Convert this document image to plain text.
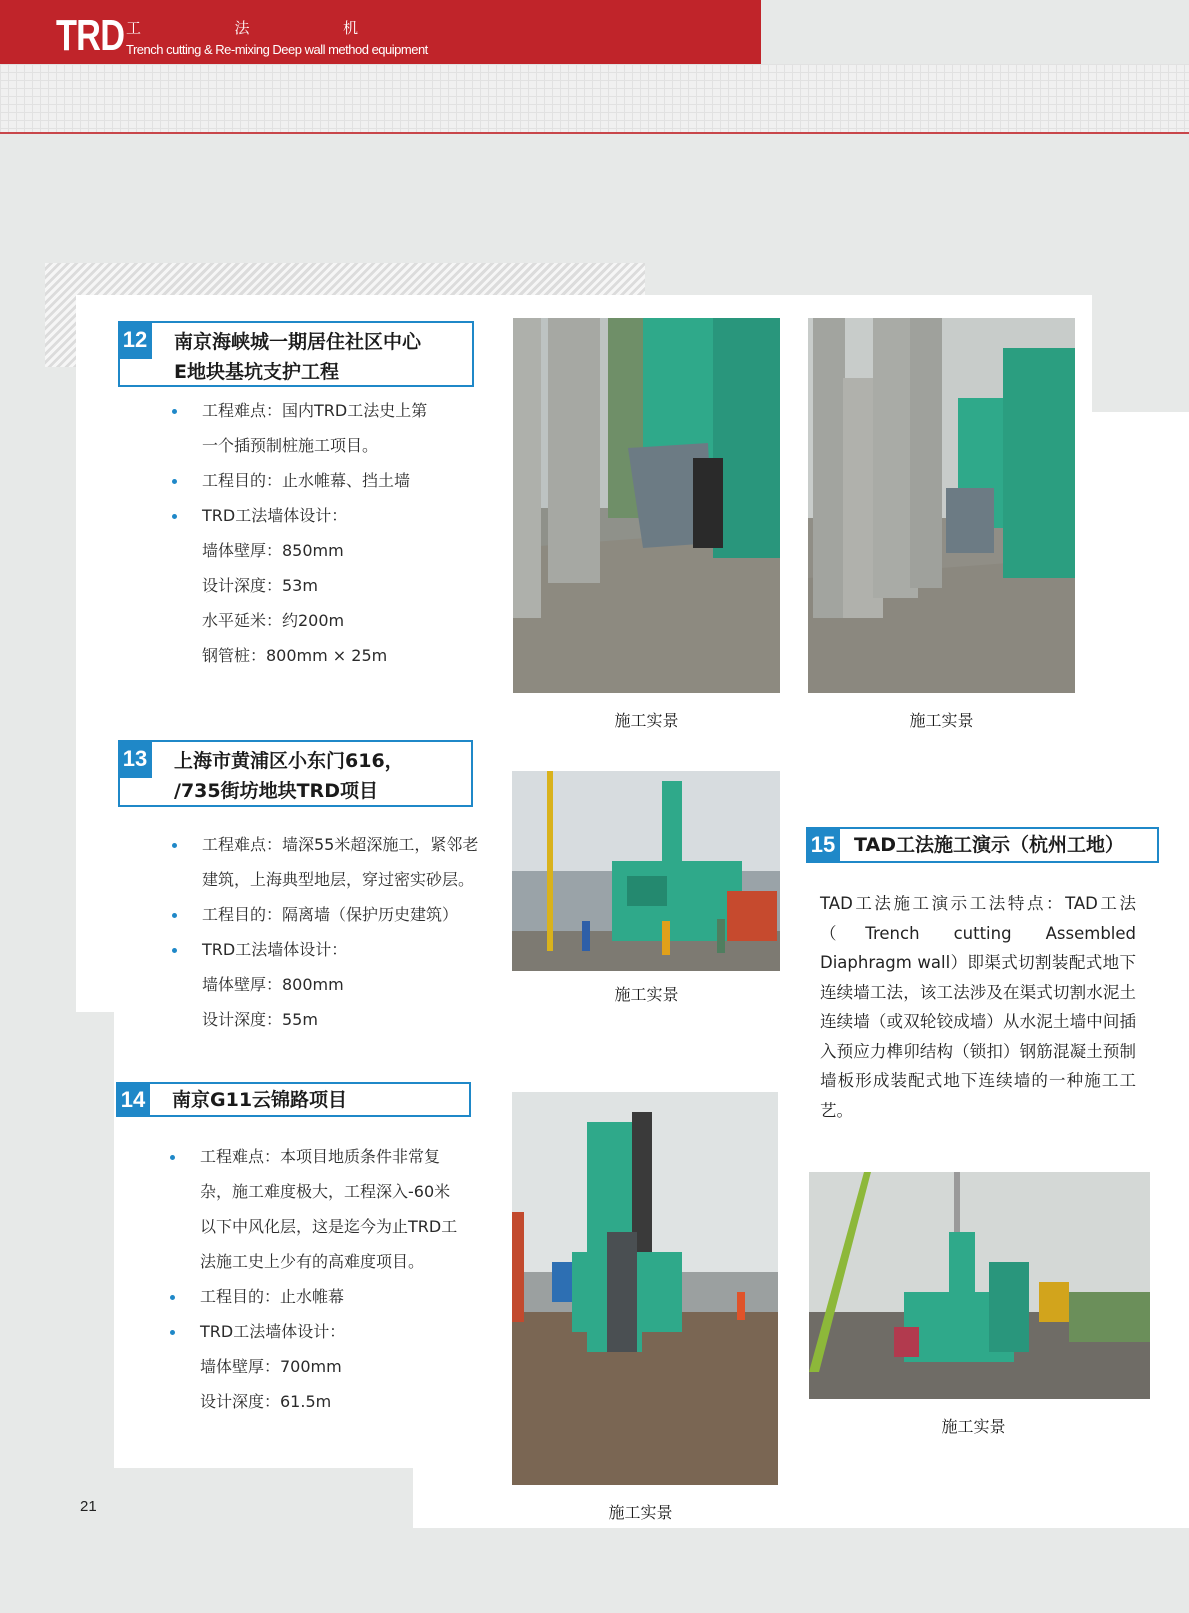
TRD 工	法	机
Trench cutting & Re-mixing Deep wall method equipment
12 南京海峡城一期居住社区中心
E地块基坑支护工程
工程难点：国内TRD工法史上第
一个插预制桩施工项目。
工程目的：止水帷幕、挡土墙
TRD工法墙体设计：
墙体壁厚：850mm
设计深度：53m
水平延米：约200m
钢管桩：800mm × 25m
施工实景	施工实景
13 上海市黄浦区小东门616，
/735街坊地块TRD项目
工程难点：墙深55米超深施工，紧邻老
建筑，上海典型地层，穿过密实砂层。
工程目的：隔离墙（保护历史建筑）
TRD工法墙体设计：
墙体壁厚：800mm
设计深度：55m
施工实景
15 TAD工法施工演示（杭州工地）
TAD工法施工演示工法特点：TAD工法（Trench cutting Assembled Diaphragm wall）即渠式切割装配式地下连续墙工法，该工法涉及在渠式切割水泥土连续墙（或双轮铰成墙）从水泥土墙中间插入预应力榫卯结构（锁扣）钢筋混凝土预制墙板形成装配式地下连续墙的一种施工工艺。
施工实景
14 南京G11云锦路项目
工程难点：本项目地质条件非常复
杂，施工难度极大，工程深入-60米
以下中风化层，这是迄今为止TRD工
法施工史上少有的高难度项目。
工程目的：止水帷幕
TRD工法墙体设计：
墙体壁厚：700mm
设计深度：61.5m
施工实景
21
